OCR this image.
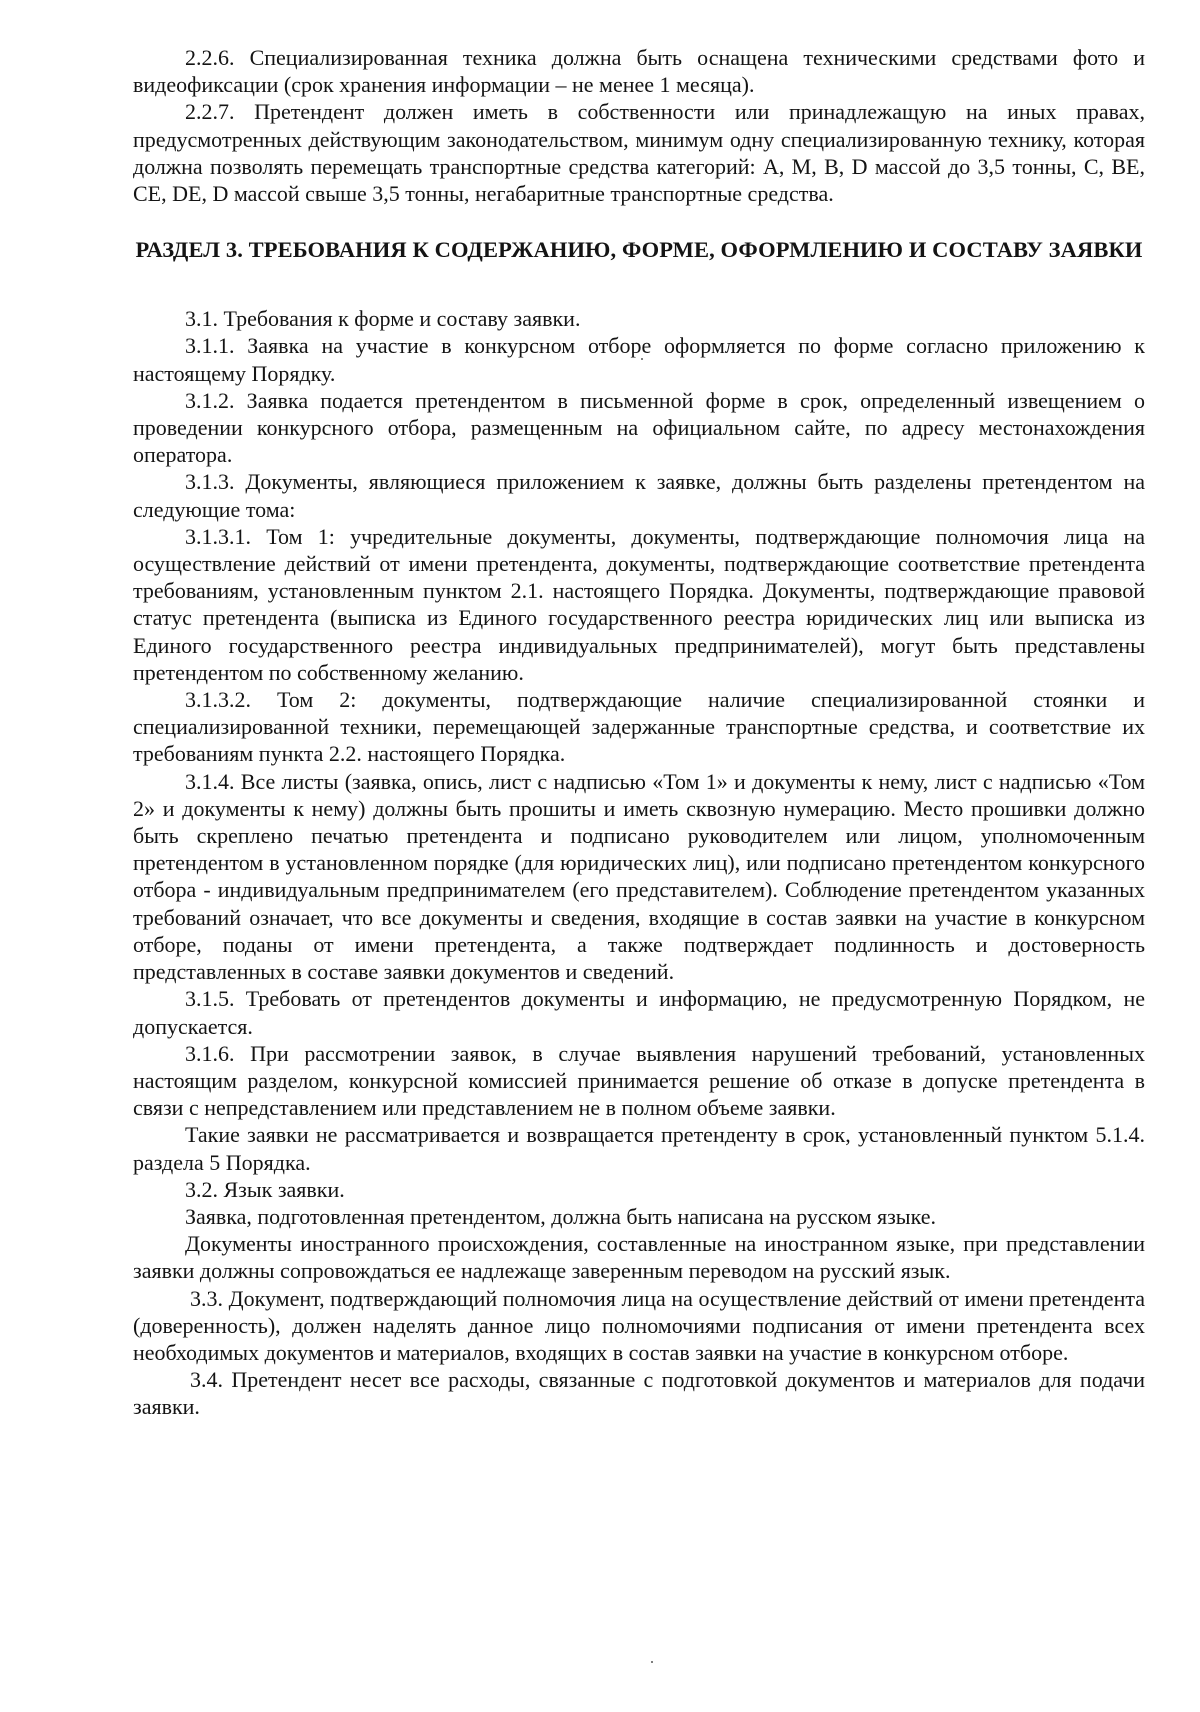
2.2.6. Специализированная техника должна быть оснащена техническими средствами фото и видеофиксации (срок хранения информации – не менее 1 месяца).

2.2.7. Претендент должен иметь в собственности или принадлежащую на иных правах, предусмотренных действующим законодательством, минимум одну специализированную технику, которая должна позволять перемещать транспортные средства категорий: А, М, В, D массой до 3,5 тонны, С, ВЕ, СЕ, DE, D массой свыше 3,5 тонны, негабаритные транспортные средства.

РАЗДЕЛ 3. ТРЕБОВАНИЯ К СОДЕРЖАНИЮ, ФОРМЕ, ОФОРМЛЕНИЮ И СОСТАВУ ЗАЯВКИ

3.1. Требования к форме и составу заявки.

3.1.1. Заявка на участие в конкурсном отборе оформляется по форме согласно приложению к настоящему Порядку.

3.1.2. Заявка подается претендентом в письменной форме в срок, определенный извещением о проведении конкурсного отбора, размещенным на официальном сайте, по адресу местонахождения оператора.

3.1.3. Документы, являющиеся приложением к заявке, должны быть разделены претендентом на следующие тома:

3.1.3.1. Том 1: учредительные документы, документы, подтверждающие полномочия лица на осуществление действий от имени претендента, документы, подтверждающие соответствие претендента требованиям, установленным пунктом 2.1. настоящего Порядка. Документы, подтверждающие правовой статус претендента (выписка из Единого государственного реестра юридических лиц или выписка из Единого государственного реестра индивидуальных предпринимателей), могут быть представлены претендентом по собственному желанию.

3.1.3.2. Том 2: документы, подтверждающие наличие специализированной стоянки и специализированной техники, перемещающей задержанные транспортные средства, и соответствие их требованиям пункта 2.2. настоящего Порядка.

3.1.4. Все листы (заявка, опись, лист с надписью «Том 1» и документы к нему, лист с надписью «Том 2» и документы к нему) должны быть прошиты и иметь сквозную нумерацию. Место прошивки должно быть скреплено печатью претендента и подписано руководителем или лицом, уполномоченным претендентом в установленном порядке (для юридических лиц), или подписано претендентом конкурсного отбора - индивидуальным предпринимателем (его представителем). Соблюдение претендентом указанных требований означает, что все документы и сведения, входящие в состав заявки на участие в конкурсном отборе, поданы от имени претендента, а также подтверждает подлинность и достоверность представленных в составе заявки документов и сведений.

3.1.5. Требовать от претендентов документы и информацию, не предусмотренную Порядком, не допускается.

3.1.6. При рассмотрении заявок, в случае выявления нарушений требований, установленных настоящим разделом, конкурсной комиссией принимается решение об отказе в допуске претендента в связи с непредставлением или представлением не в полном объеме заявки.

Такие заявки не рассматривается и возвращается претенденту в срок, установленный пунктом 5.1.4. раздела 5 Порядка.

3.2. Язык заявки.

Заявка, подготовленная претендентом, должна быть написана на русском языке.

Документы иностранного происхождения, составленные на иностранном языке, при представлении заявки должны сопровождаться ее надлежаще заверенным переводом на русский язык.

3.3. Документ, подтверждающий полномочия лица на осуществление действий от имени претендента (доверенность), должен наделять данное лицо полномочиями подписания от имени претендента всех необходимых документов и материалов, входящих в состав заявки на участие в конкурсном отборе.

3.4. Претендент несет все расходы, связанные с подготовкой документов и материалов для подачи заявки.
